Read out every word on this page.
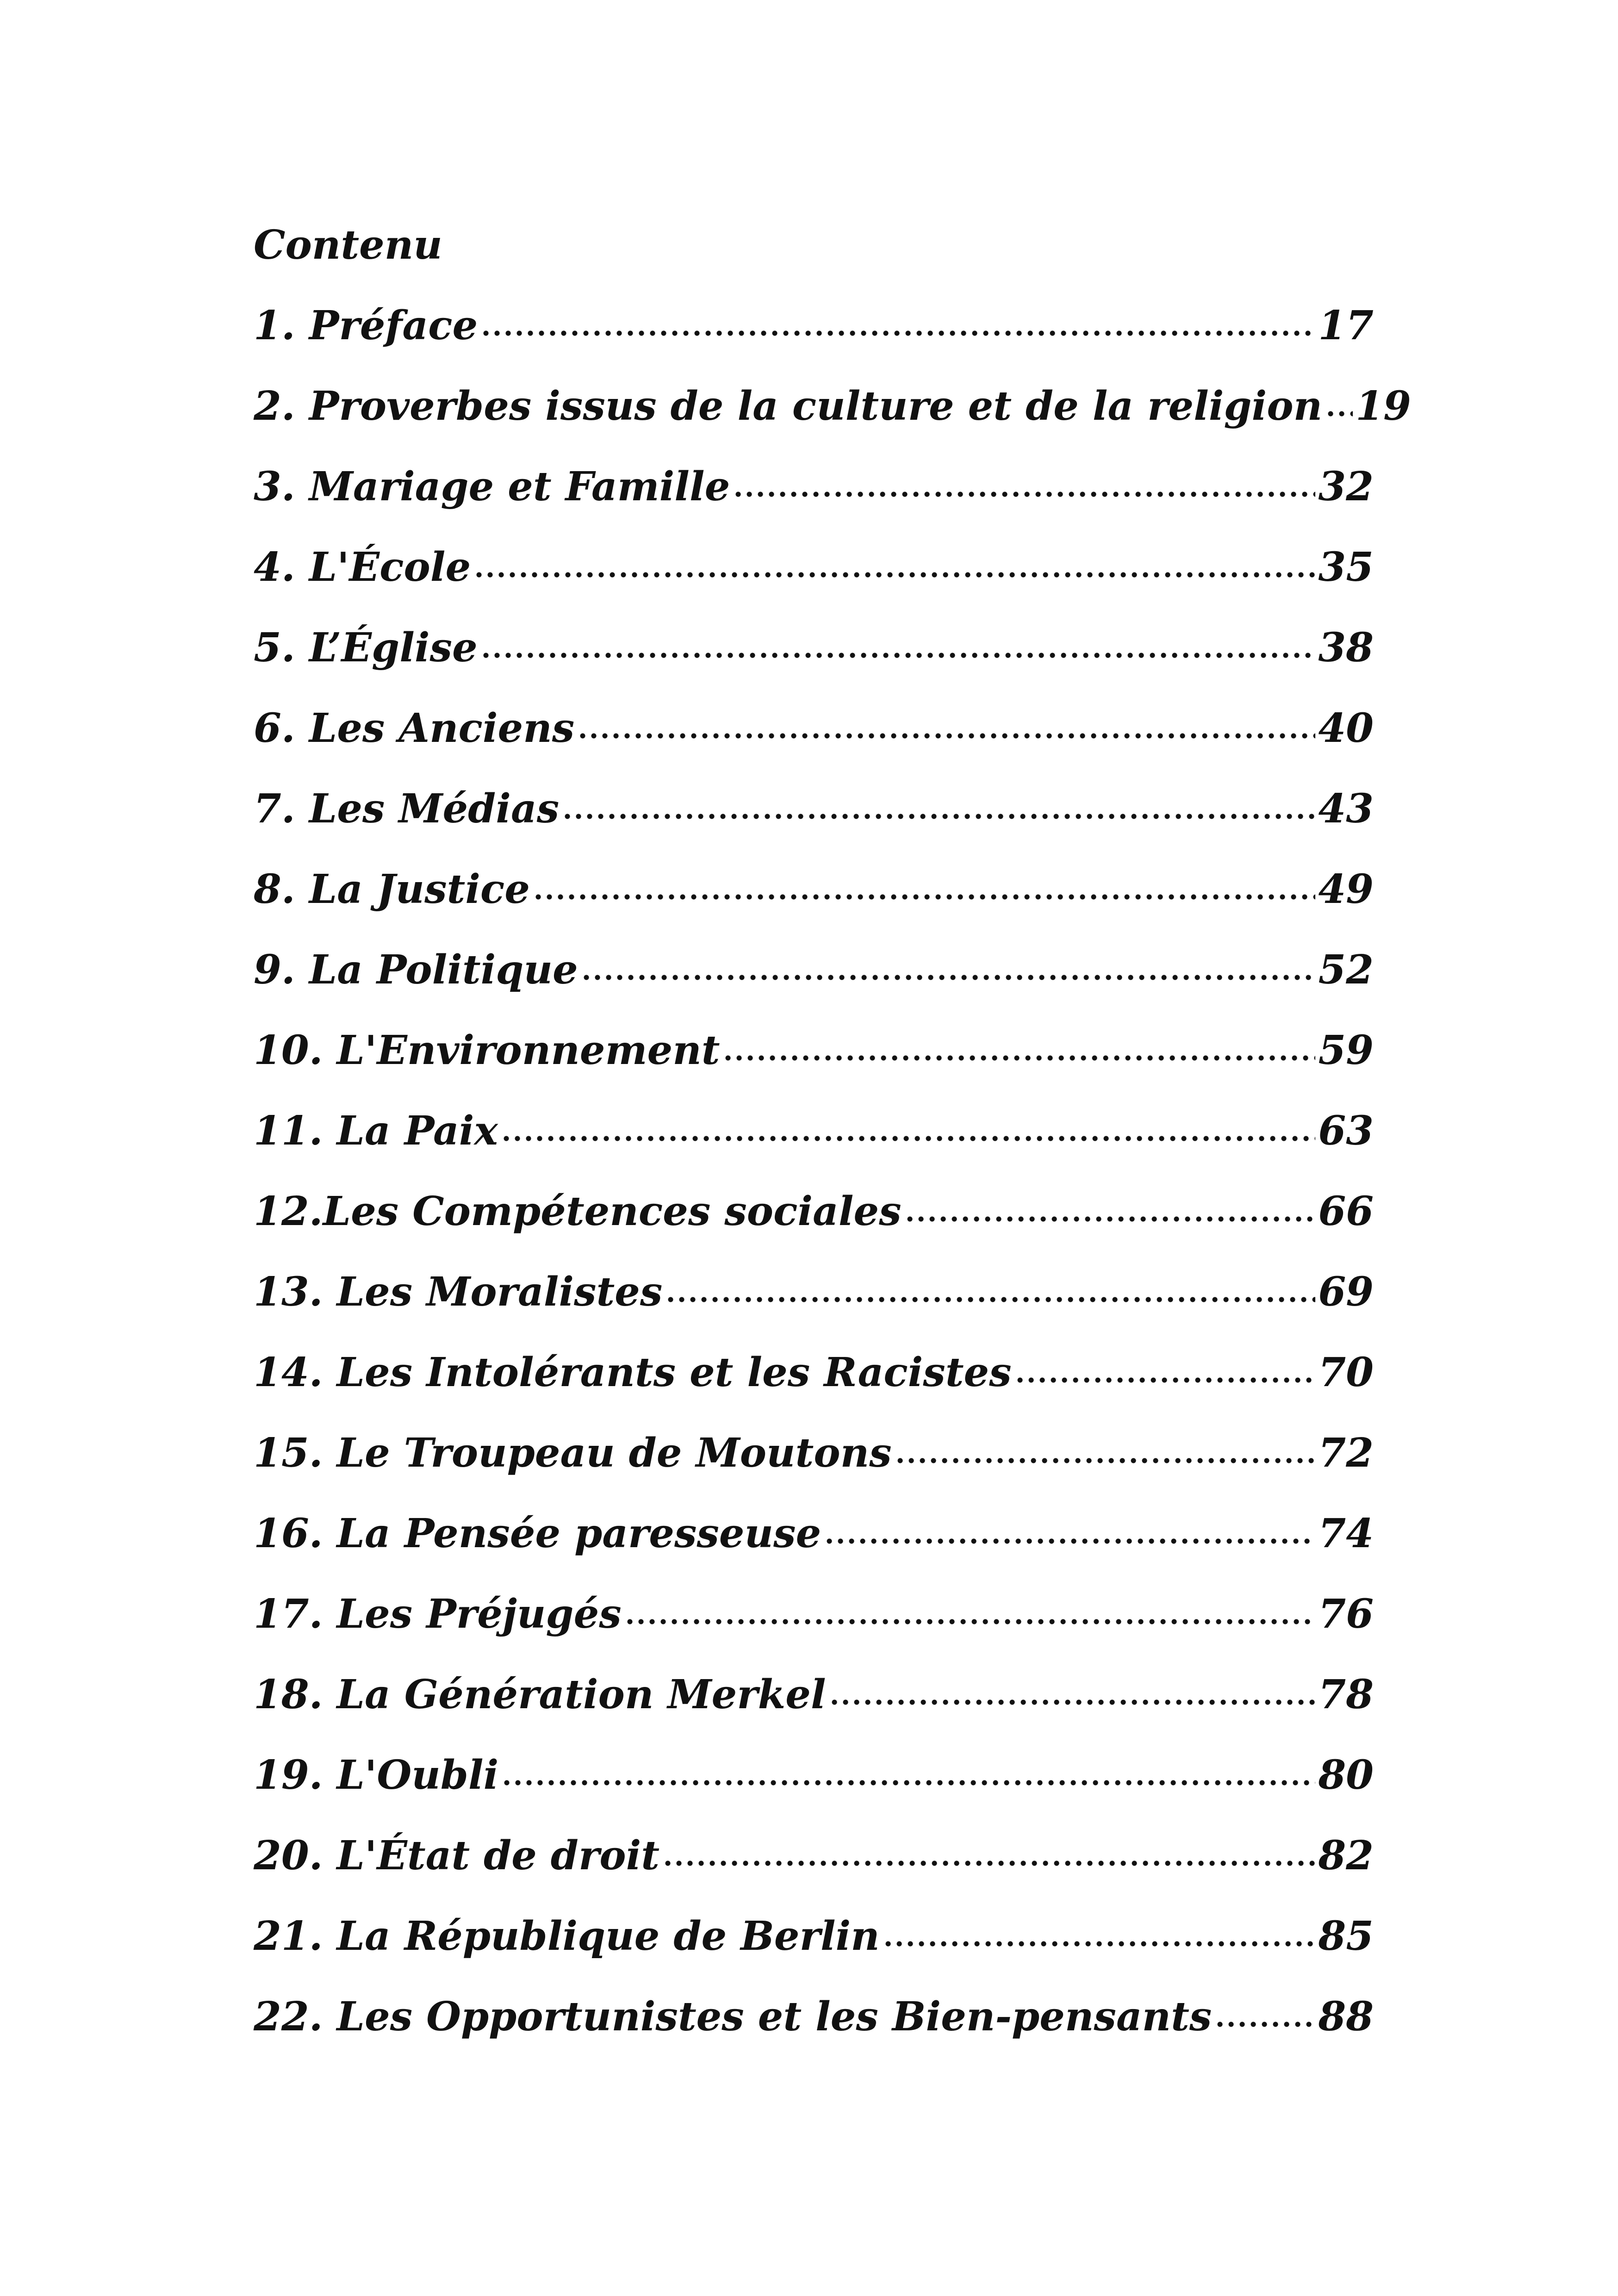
Contenu
1. Préface	17
2. Proverbes issus de la culture et de la religion 19
3. Mariage et Famille	32
4. L'École	35
5. L’Église	38
6. Les Anciens	40
7. Les Médias	43
8. La Justice	49
9. La Politique	52
10. L'Environnement	59
11. La Paix	63
12.Les Compétences sociales	66
13. Les Moralistes	69
14. Les Intolérants et les Racistes	70
15. Le Troupeau de Moutons	72
16. La Pensée paresseuse	74
17. Les Préjugés	76
18. La Génération Merkel	78
19. L'Oubli	80
20. L'État de droit	82
21. La République de Berlin	85
22. Les Opportunistes et les Bien-pensants	88
